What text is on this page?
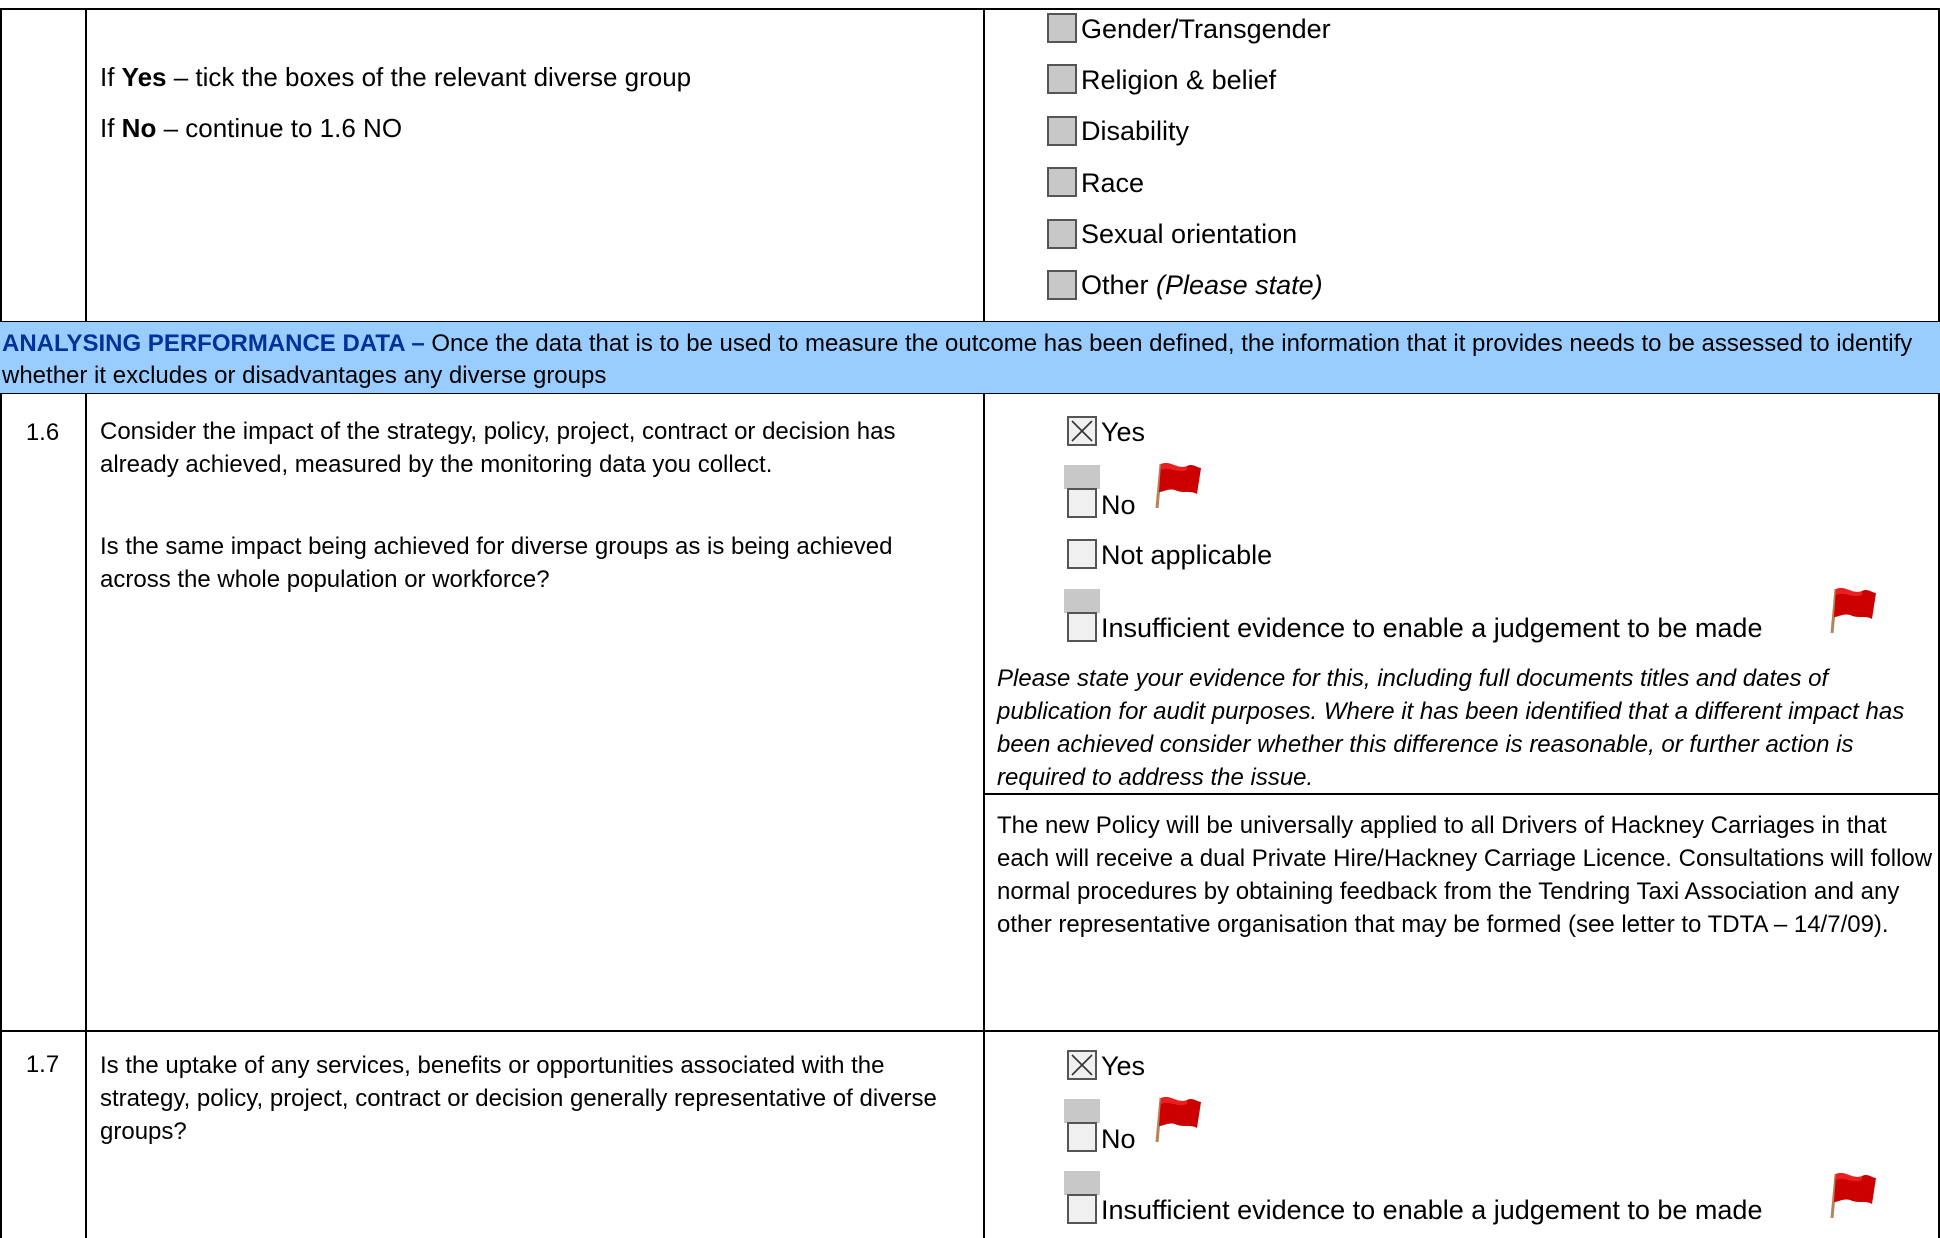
If Yes – tick the boxes of the relevant diverse group

If No – continue to 1.6 NO

Gender/Transgender
Religion & belief
Disability
Race
Sexual orientation
Other (Please state)

ANALYSING PERFORMANCE DATA – Once the data that is to be used to measure the outcome has been defined, the information that it provides needs to be assessed to identify whether it excludes or disadvantages any diverse groups

1.6	Consider the impact of the strategy, policy, project, contract or decision has already achieved, measured by the monitoring data you collect.

Is the same impact being achieved for diverse groups as is being achieved across the whole population or workforce?

Yes
No
Not applicable
Insufficient evidence to enable a judgement to be made

Please state your evidence for this, including full documents titles and dates of publication for audit purposes. Where it has been identified that a different impact has been achieved consider whether this difference is reasonable, or further action is required to address the issue.

The new Policy will be universally applied to all Drivers of Hackney Carriages in that each will receive a dual Private Hire/Hackney Carriage Licence. Consultations will follow normal procedures by obtaining feedback from the Tendring Taxi Association and any other representative organisation that may be formed (see letter to TDTA – 14/7/09).

1.7	Is the uptake of any services, benefits or opportunities associated with the strategy, policy, project, contract or decision generally representative of diverse groups?

Yes
No
Insufficient evidence to enable a judgement to be made
